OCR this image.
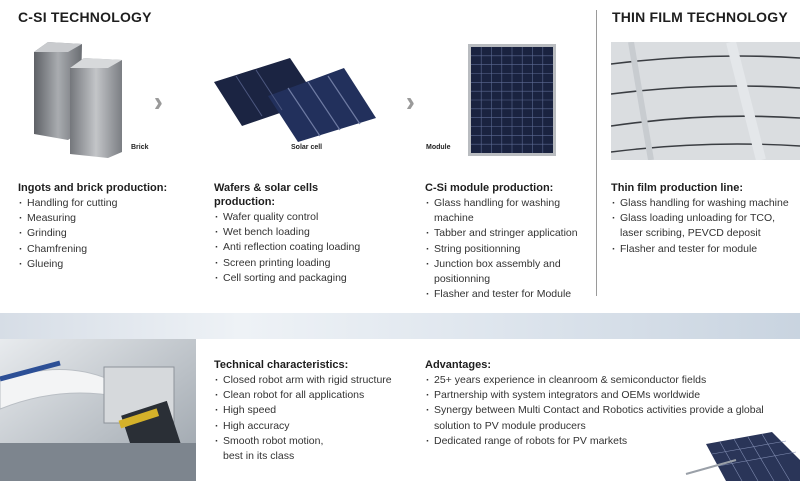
C-SI TECHNOLOGY	THIN FILM TECHNOLOGY
Brick
››
Solar cell
››
Module
Ingots and brick production:
· Handling for cutting
· Measuring
· Grinding
· Chamfrening
· Glueing
Wafers & solar cells production:
· Wafer quality control
· Wet bench loading
· Anti reflection coating loading
· Screen printing loading
· Cell sorting and packaging
C-Si module production:
· Glass handling for washing machine
· Tabber and stringer application
· String positionning
· Junction box assembly and positionning
· Flasher and tester for Module
Thin film production line:
· Glass handling for washing machine
· Glass loading unloading for TCO, laser scribing, PEVCD deposit
· Flasher and tester for module
Technical characteristics:
· Closed robot arm with rigid structure
· Clean robot for all applications
· High speed
· High accuracy
· Smooth robot motion, best in its class
Advantages:
· 25+ years experience in cleanroom & semiconductor fields
· Partnership with system integrators and OEMs worldwide
· Synergy between Multi Contact and Robotics activities provide a global solution to PV module producers
· Dedicated range of robots for PV markets
